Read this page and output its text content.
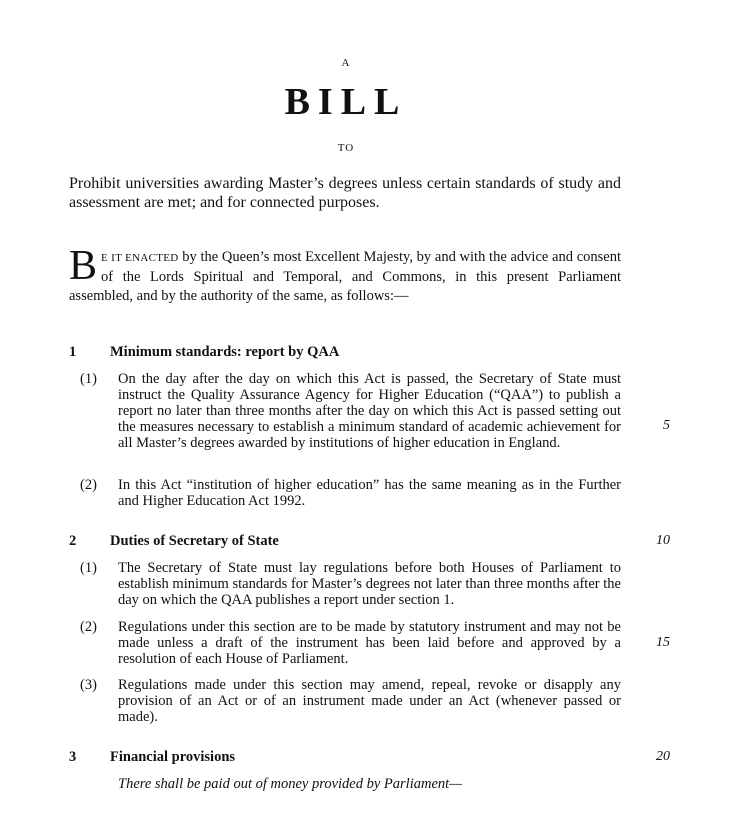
A
BILL
TO
Prohibit universities awarding Master’s degrees unless certain standards of study and assessment are met; and for connected purposes.
B E IT ENACTED by the Queen’s most Excellent Majesty, by and with the advice and consent of the Lords Spiritual and Temporal, and Commons, in this present Parliament assembled, and by the authority of the same, as follows:—
1 Minimum standards: report by QAA
(1)	On the day after the day on which this Act is passed, the Secretary of State must instruct the Quality Assurance Agency for Higher Education (“QAA”) to publish a report no later than three months after the day on which this Act is passed setting out the measures necessary to establish a minimum standard of academic achievement for all Master’s degrees awarded by institutions of higher education in England.
5
(2)	In this Act “institution of higher education” has the same meaning as in the Further and Higher Education Act 1992.
2 Duties of Secretary of State	10
(1)	The Secretary of State must lay regulations before both Houses of Parliament to establish minimum standards for Master’s degrees not later than three months after the day on which the QAA publishes a report under section 1.
(2)	Regulations under this section are to be made by statutory instrument and may not be made unless a draft of the instrument has been laid before and approved by a resolution of each House of Parliament.
15
(3)	Regulations made under this section may amend, repeal, revoke or disapply any provision of an Act or of an instrument made under an Act (whenever passed or made).
3 Financial provisions	20
There shall be paid out of money provided by Parliament—
